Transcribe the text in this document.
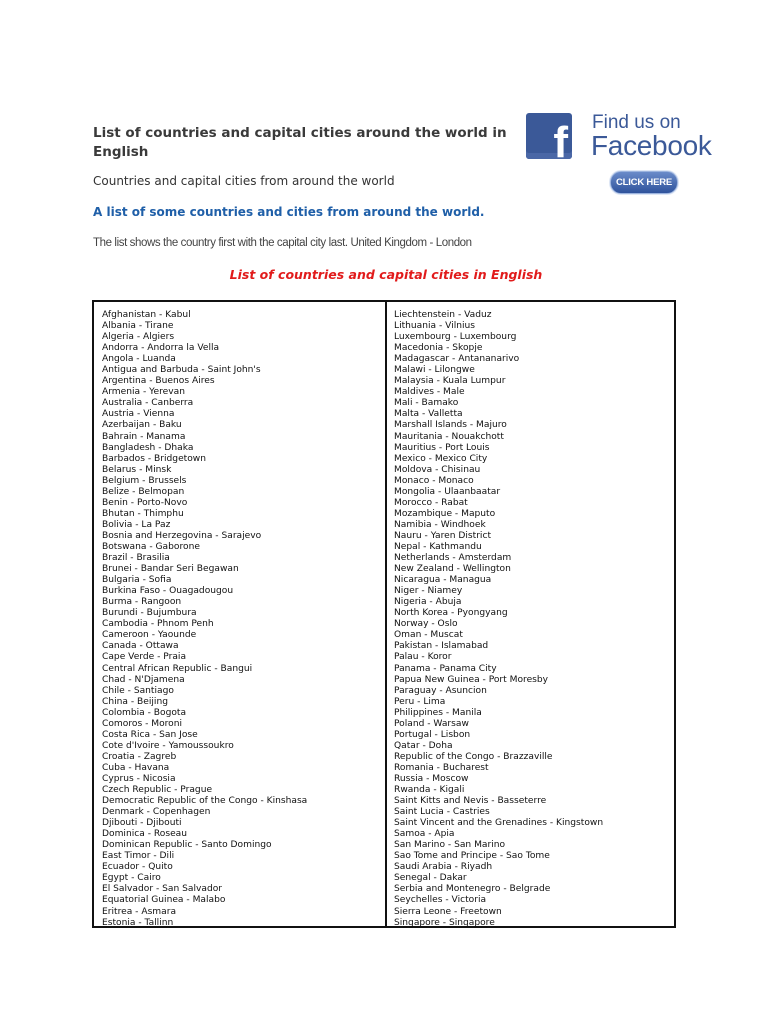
List of countries and capital cities around the world in English

Countries and capital cities from around the world

A list of some countries and cities from around the world.

The list shows the country first with the capital city last. United Kingdom - London

List of countries and capital cities in English

f Find us on
Facebook
CLICK HERE
Afghanistan - Kabul
Albania - Tirane
Algeria - Algiers
Andorra - Andorra la Vella
Angola - Luanda
Antigua and Barbuda - Saint John's
Argentina - Buenos Aires
Armenia - Yerevan
Australia - Canberra
Austria - Vienna
Azerbaijan - Baku
Bahrain - Manama
Bangladesh - Dhaka
Barbados - Bridgetown
Belarus - Minsk
Belgium - Brussels
Belize - Belmopan
Benin - Porto-Novo
Bhutan - Thimphu
Bolivia - La Paz
Bosnia and Herzegovina - Sarajevo
Botswana - Gaborone
Brazil - Brasilia
Brunei - Bandar Seri Begawan
Bulgaria - Sofia
Burkina Faso - Ouagadougou
Burma - Rangoon
Burundi - Bujumbura
Cambodia - Phnom Penh
Cameroon - Yaounde
Canada - Ottawa
Cape Verde - Praia
Central African Republic - Bangui
Chad - N'Djamena
Chile - Santiago
China - Beijing
Colombia - Bogota
Comoros - Moroni
Costa Rica - San Jose
Cote d'Ivoire - Yamoussoukro
Croatia - Zagreb
Cuba - Havana
Cyprus - Nicosia
Czech Republic - Prague
Democratic Republic of the Congo - Kinshasa
Denmark - Copenhagen
Djibouti - Djibouti
Dominica - Roseau
Dominican Republic - Santo Domingo
East Timor - Dili
Ecuador - Quito
Egypt - Cairo
El Salvador - San Salvador
Equatorial Guinea - Malabo
Eritrea - Asmara
Estonia - Tallinn
Liechtenstein - Vaduz
Lithuania - Vilnius
Luxembourg - Luxembourg
Macedonia - Skopje
Madagascar - Antananarivo
Malawi - Lilongwe
Malaysia - Kuala Lumpur
Maldives - Male
Mali - Bamako
Malta - Valletta
Marshall Islands - Majuro
Mauritania - Nouakchott
Mauritius - Port Louis
Mexico - Mexico City
Moldova - Chisinau
Monaco - Monaco
Mongolia - Ulaanbaatar
Morocco - Rabat
Mozambique - Maputo
Namibia - Windhoek
Nauru - Yaren District
Nepal - Kathmandu
Netherlands - Amsterdam
New Zealand - Wellington
Nicaragua - Managua
Niger - Niamey
Nigeria - Abuja
North Korea - Pyongyang
Norway - Oslo
Oman - Muscat
Pakistan - Islamabad
Palau - Koror
Panama - Panama City
Papua New Guinea - Port Moresby
Paraguay - Asuncion
Peru - Lima
Philippines - Manila
Poland - Warsaw
Portugal - Lisbon
Qatar - Doha
Republic of the Congo - Brazzaville
Romania - Bucharest
Russia - Moscow
Rwanda - Kigali
Saint Kitts and Nevis - Basseterre
Saint Lucia - Castries
Saint Vincent and the Grenadines - Kingstown
Samoa - Apia
San Marino - San Marino
Sao Tome and Principe - Sao Tome
Saudi Arabia - Riyadh
Senegal - Dakar
Serbia and Montenegro - Belgrade
Seychelles - Victoria
Sierra Leone - Freetown
Singapore - Singapore
